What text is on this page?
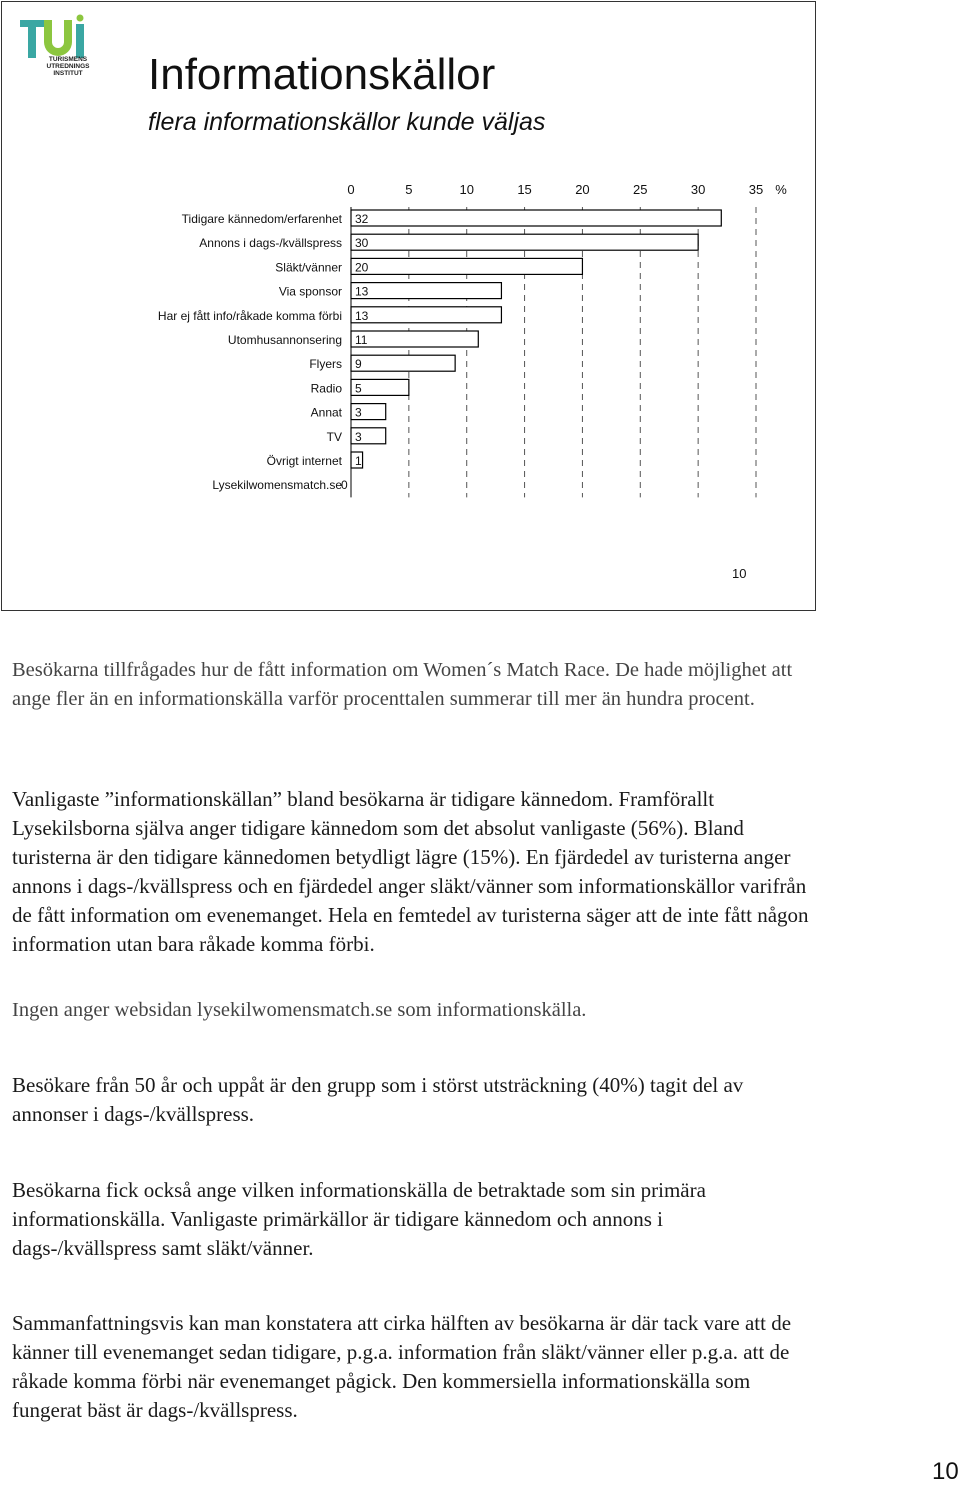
TURISMENS UTREDNINGS INSTITUT	Informationskällor
flera informationskällor kunde väljas
0	5	10	15	20	25	30	35 %
Tidigare kännedom/erfarenhet 32
Annons i dags-/kvällspress 30
Släkt/vänner 20
Via sponsor 13
Har ej fått info/råkade komma förbi 13
Utomhusannonsering 11
Flyers 9
Radio 5
Annat 3
TV 3
Övrigt internet 1
Lysekilwomensmatch.se 0
10

Besökarna tillfrågades hur de fått information om Women´s Match Race. De hade möjlighet att ange fler än en informationskälla varför procenttalen summerar till mer än hundra procent.

Vanligaste ”informationskällan” bland besökarna är tidigare kännedom. Framförallt Lysekilsborna själva anger tidigare kännedom som det absolut vanligaste (56%). Bland turisterna är den tidigare kännedomen betydligt lägre (15%). En fjärdedel av turisterna anger annons i dags-/kvällspress och en fjärdedel anger släkt/vänner som informationskällor varifrån de fått information om evenemanget. Hela en femtedel av turisterna säger att de inte fått någon information utan bara råkade komma förbi.

Ingen anger websidan lysekilwomensmatch.se som informationskälla.

Besökare från 50 år och uppåt är den grupp som i störst utsträckning (40%) tagit del av annonser i dags-/kvällspress.

Besökarna fick också ange vilken informationskälla de betraktade som sin primära informationskälla. Vanligaste primärkällor är tidigare kännedom och annons i dags-/kvällspress samt släkt/vänner.

Sammanfattningsvis kan man konstatera att cirka hälften av besökarna är där tack vare att de känner till evenemanget sedan tidigare, p.g.a. information från släkt/vänner eller p.g.a. att de råkade komma förbi när evenemanget pågick. Den kommersiella informationskälla som fungerat bäst är dags-/kvällspress.

10
